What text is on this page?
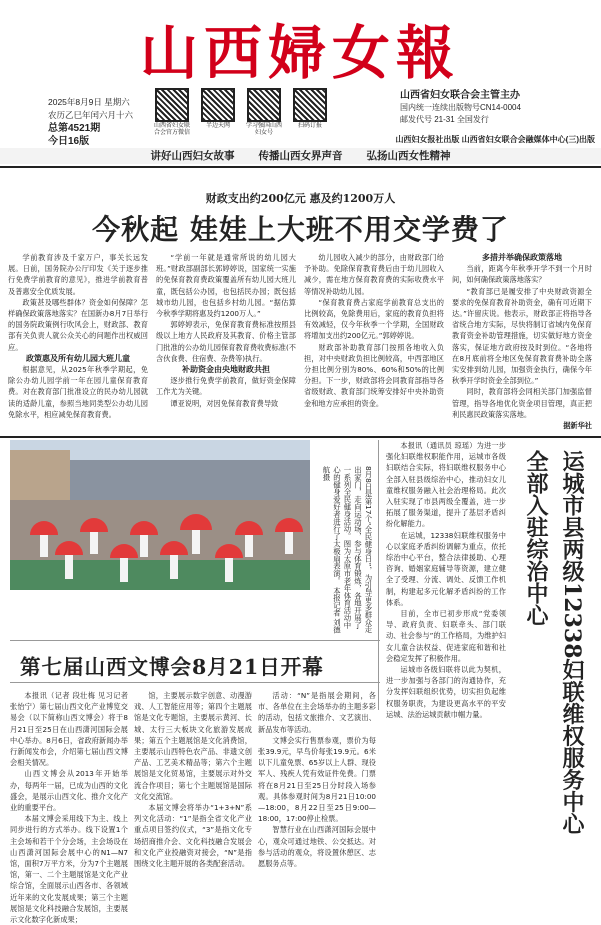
山西婦女報
2025年8月9日 星期六
农历乙巳年闰六月十六
总第4521期
今日16版
山西省妇女联合会官方微信
半边天网	学习强国山西妇女号
扫码订报
山西省妇女联合会主管主办
国内统一连续出版物号CN14-0004
邮发代号 21-31 全国发行
山西妇女报社出版 山西省妇女联合会融媒体中心(三)出版
讲好山西妇女故事 传播山西女界声音 弘扬山西女性精神
财政支出约200亿元 惠及约1200万人
今秋起 娃娃上大班不用交学费了

学前教育涉及千家万户，事关长远发展。日前，国务院办公厅印发《关于逐步推行免费学前教育的意见》，推进学前教育普及普惠安全优质发展。

政策甚及哪些群体？资金如何保障？怎样确保政策落地落实？在国新办8月7日举行的国务院政策例行吹风会上，财政部、教育部有关负责人就公众关心的问题作出权威回应。

政策惠及所有幼儿园大班儿童

根据意见，从2025年秋季学期起，免除公办幼儿园学前一年在园儿童保育教育费。对在教育部门批准设立的民办幼儿园就读的适龄儿童，参照当地同类型公办幼儿园免除水平，相应减免保育教育费。

“学前一年就是通常所说的幼儿园大班。”财政部副部长郭婷婷说，国家统一实施的免保育教育费政策覆盖所有幼儿园大班儿童，既包括公办园，也包括民办园；既包括城市幼儿园，也包括乡村幼儿园。“据估算今秋季学期将惠及约1200万人。”

郭婷婷表示，免保育教育费标准按照县级以上地方人民政府及其教育、价格主管部门批准的公办幼儿园保育教育费收费标准(不含伙食费、住宿费、杂费等)执行。

补助资金由央地财政共担

逐步推行免费学前教育，做好资金保障工作尤为关键。

谭亚说明，对因免保育教育费导致

幼儿园收入减少的部分，由财政部门给予补助。免除保育教育费后由于幼儿园收入减少，需在地方保育教育费的实际收费水平等情况补助幼儿园。

“保育教育费占家庭学前教育总支出的比例较高，免除费用后，家庭的教育负担将有效减轻，仅今年秋季一个学期，全国财政将增加支出约200亿元。”郭婷婷说。

财政部补助教育部门按照各地收入负担，对中央财政负担比例较高，中西部地区分担比例分别为80%、60%和50%的比例分担。下一步，财政部将会同教育部指导各省级财政、教育部门统筹安排好中央补助资金和地方应承担的资金。

多措并举确保政策落地

当前，距离今年秋季开学不到一个月时间，如何确保政策落地落实？

“教育部已是履安排了中央财政资源全要求的免保育教育补助资金，确有可近期下达。”许留庆说。他表示，财政部正将指导各省统合地方实际，尽快将制订省域内免保育教育资金补助管理措施，切实做好地方资金落实，保证地方政府按及时到位。“各地将在8月底前将全地区免保育教育费补助全落实安排到幼儿园，加强资金执行，确保今年秋季开学时资金全部到位。”

同时，教育部将会同相关部门加强监督管理，指导各地优化资金项目管理，真正把利民惠民政策落实落地。

据新华社

8月8日是第17个“全民健身日”，为引导更多群众走出家门，走向运动场，参与体育锻炼，各地开展了一系列全民健身活动。图为太原市老年体育活动中心的健身爱好者进行了太极扇表演。 本报记者 刘德航摄

本报讯（通讯员 琼瑶）为进一步强化妇联维权职能作用，运城市各级妇联结合实际，将妇联维权服务中心全部入驻县级综治中心，推动妇女儿童维权服务融入社会治理格局。此次入驻实现了市县两级全覆盖，进一步拓展了服务渠道，提升了基层矛盾纠纷化解能力。

在运城，12338妇联维权服务中心以家庭矛盾纠纷调解为重点，依托综治中心平台，整合法律援助、心理咨询、婚姻家庭辅导等资源，建立健全了受理、分流、调处、反馈工作机制，构建起多元化解矛盾纠纷的工作体系。

目前，全市已初步形成“党委领导、政府负责、妇联牵头、部门联动、社会参与”的工作格局，为维护妇女儿童合法权益、促进家庭和谐和社会稳定发挥了积极作用。

运城市各级妇联将以此为契机，进一步加强与各部门的沟通协作，充分发挥妇联组织优势，切实担负起维权服务职责，为建设更高水平的平安运城、法治运城贡献巾帼力量。	运城市县两级12338妇联维权服务中心全部入驻综治中心
第七届山西文博会8月21日开幕

本报讯（记者 段壮梅 见习记者 张怡宁）第七届山西文化产业博览交易会（以下简称山西文博会）将于8月21日至25日在山西潇河国际会展中心举办。8月6日，省政府新闻办举行新闻发布会，介绍第七届山西文博会相关情况。

山西文博会从2013年开始举办，每两年一届，已成为山西的文化盛会，是展示山西文化、推介文化产业的重要平台。

本届文博会采用线下为主、线上同步进行的方式举办。线下设置1个主会场和若干个分会场，主会场设在山西潇河国际会展中心的N1—N7馆，面积7万平方米，分为7个主题展馆，第一、二个主题展馆是文化产业综合馆，全面展示山西各市、各领域近年来的文化发展成果；第三个主题展馆是文化科技融合发展馆，主要展示文化数字化新成果；

馆，主要展示数字创意、动漫游戏、人工智能应用等；第四个主题展馆是文化专题馆，主要展示黄河、长城、太行三大板块文化旅游发展成果；第五个主题展馆是文化消费馆，主要展示山西特色农产品、非遗文创产品、工艺美术精品等；第六个主题展馆是文化贸易馆，主要展示对外交流合作项目；第七个主题展馆是国际文化交流馆。

本届文博会将举办“1+3+N”系列文化活动：“1”是指全省文化产业重点项目签约仪式，“3”是指文化专场招商推介会、文化科技融合发展会和文化产业投融资对接会，“N”是指围绕文化主题开展的各类配套活动。

活动：“N”是指展会期间，各市、各单位在主会场举办的主题多彩的活动，包括文旅推介、文艺演出、新品发布等活动。

文博会实行售票参观，票价为每张39.9元，早鸟价每张19.9元。6米以下儿童免票、65岁以上人群、现役军人、残疾人凭有效证件免费。门票将在8月21日至25日分时段入场参观。具体参观时间为8月21日10:00—18:00，8月22日至25日9:00—18:00，17:00停止检票。

智慧行业在山西潇河国际会展中心，观众可通过地铁、公交抵达。对参与活动的观众，将设置休憩区、志愿服务点等。
